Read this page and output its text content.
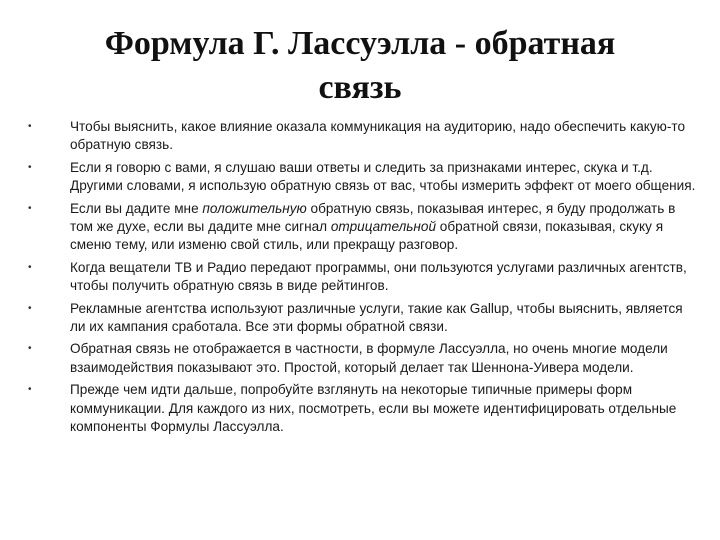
Формула Г. Лассуэлла - обратная
связь
•	Чтобы выяснить, какое влияние оказала коммуникация на аудиторию, надо обеспечить какую-то обратную связь.
•	Если я говорю с вами, я слушаю ваши ответы и следить за признаками интерес, скука и т.д. Другими словами, я использую обратную связь от вас, чтобы измерить эффект от моего общения.
•	Если вы дадите мне положительную обратную связь, показывая интерес, я буду продолжать в том же духе, если вы дадите мне сигнал отрицательной обратной связи, показывая, скуку я сменю тему, или изменю свой стиль, или прекращу разговор.
•	Когда вещатели ТВ и Радио передают программы, они пользуются услугами различных агентств, чтобы получить обратную связь в виде рейтингов.
•	Рекламные агентства используют различные услуги, такие как Gallup, чтобы выяснить, является ли их кампания сработала. Все эти формы обратной связи.
•	Обратная связь не отображается в частности, в формуле Лассуэлла, но очень многие модели взаимодействия показывают это. Простой, который делает так Шеннона-Уивера модели.
•	Прежде чем идти дальше, попробуйте взглянуть на некоторые типичные примеры форм коммуникации. Для каждого из них, посмотреть, если вы можете идентифицировать отдельные компоненты Формулы Лассуэлла.
